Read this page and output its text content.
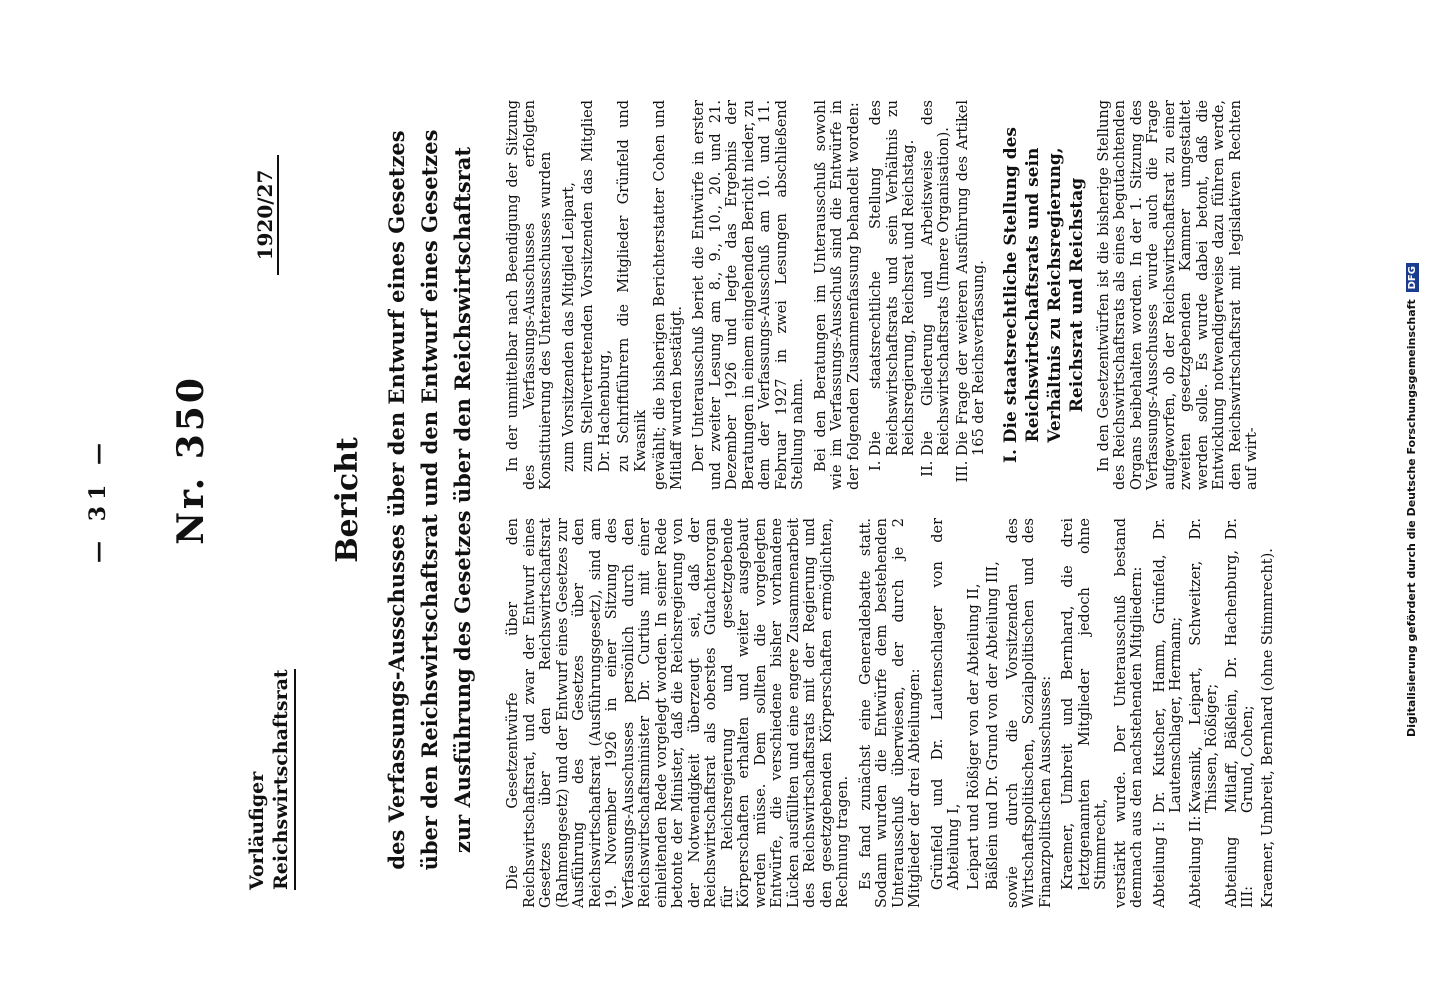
— 31 —
Vorläufiger Reichswirtschaftsrat
1920/27
Nr. 350	Bericht des Verfassungs-Ausschusses über den Entwurf eines Gesetzes über den Reichswirtschaftsrat und den Entwurf eines Gesetzes zur Ausführung des Gesetzes über den Reichswirtschaftsrat Die Gesetzentwürfe über den Reichswirtschaftsrat, und zwar der Entwurf eines Gesetzes über den Reichswirtschaftsrat (Rahmengesetz) und der Entwurf eines Gesetzes zur Ausführung des Gesetzes über den Reichswirtschaftsrat (Ausführungsgesetz), sind am 19. November 1926 in einer Sitzung des Verfassungs-Ausschusses persönlich durch den Reichswirtschaftsminister Dr. Curtius mit einer einleitenden Rede vorgelegt worden. In seiner Rede betonte der Minister, daß die Reichsregierung von der Notwendigkeit überzeugt sei, daß der Reichswirtschaftsrat als oberstes Gutachterorgan für Reichsregierung und gesetzgebende Körperschaften erhalten und weiter ausgebaut werden müsse. Dem sollten die vorgelegten Entwürfe, die verschiedene bisher vorhandene Lücken ausfüllten und eine engere Zusammenarbeit des Reichswirtschaftsrats mit der Regierung und den gesetzgebenden Körperschaften ermöglichten, Rechnung tragen. Es fand zunächst eine Generaldebatte statt. Sodann wurden die Entwürfe dem bestehenden Unterausschuß überwiesen, der durch je 2 Mitglieder der drei Abteilungen: Grünfeld und Dr. Lautenschlager von der Abteilung I, Leipart und Rößiger von der Abteilung II, Bäßlein und Dr. Grund von der Abteilung III, sowie durch die Vorsitzenden des Wirtschaftspolitischen, Sozialpolitischen und des Finanzpolitischen Ausschusses: Kraemer, Umbreit und Bernhard, die drei letztgenannten Mitglieder jedoch ohne Stimmrecht, verstärkt wurde. Der Unterausschuß bestand demnach aus den nachstehenden Mitgliedern: Abteilung I:
Dr. Kutscher, Hamm, Grünfeld, Dr. Lautenschlager, Hermann;
Abteilung II:
Kwasnik, Leipart, Schweitzer, Dr. Thissen, Rößiger;
Abteilung III:
Mitlaff, Bäßlein, Dr. Hachenburg, Dr. Grund, Cohen; Kraemer, Umbreit, Bernhard (ohne Stimmrecht).

In der unmittelbar nach Beendigung der Sitzung des Verfassungs-Ausschusses erfolgten Konstituierung des Unterausschusses wurden zum Vorsitzenden das Mitglied Leipart, zum Stellvertretenden Vorsitzenden das Mitglied Dr. Hachenburg, zu Schriftführern die Mitglieder Grünfeld und Kwasnik gewählt; die bisherigen Berichterstatter Cohen und Mitlaff wurden bestätigt. Der Unterausschuß beriet die Entwürfe in erster und zweiter Lesung am 8., 9., 10., 20. und 21. Dezember 1926 und legte das Ergebnis der Beratungen in einem eingehenden Bericht nieder, zu dem der Verfassungs-Ausschuß am 10. und 11. Februar 1927 in zwei Lesungen abschließend Stellung nahm. Bei den Beratungen im Unterausschuß sowohl wie im Verfassungs-Ausschuß sind die Entwürfe in der folgenden Zusammenfassung behandelt worden: I. Die staatsrechtliche Stellung des Reichswirtschaftsrats und sein Verhältnis zu Reichsregierung, Reichsrat und Reichstag. II. Die Gliederung und Arbeitsweise des Reichswirtschaftsrats (Innere Organisation). III. Die Frage der weiteren Ausführung des Artikel 165 der Reichsverfassung. I. Die staatsrechtliche Stellung des Reichswirtschaftsrats und sein Verhältnis zu Reichsregierung, Reichsrat und Reichstag In den Gesetzentwürfen ist die bisherige Stellung des Reichswirtschaftsrats als eines begutachtenden Organs beibehalten worden. In der 1. Sitzung des Verfassungs-Ausschusses wurde auch die Frage aufgeworfen, ob der Reichswirtschaftsrat zu einer zweiten gesetzgebenden Kammer umgestaltet werden solle. Es wurde dabei betont, daß die Entwicklung notwendigerweise dazu führen werde, den Reichswirtschaftsrat mit legislativen Rechten auf wirt-	Digitalisierung gefördert durch die Deutsche Forschungsgemeinschaft DFG
